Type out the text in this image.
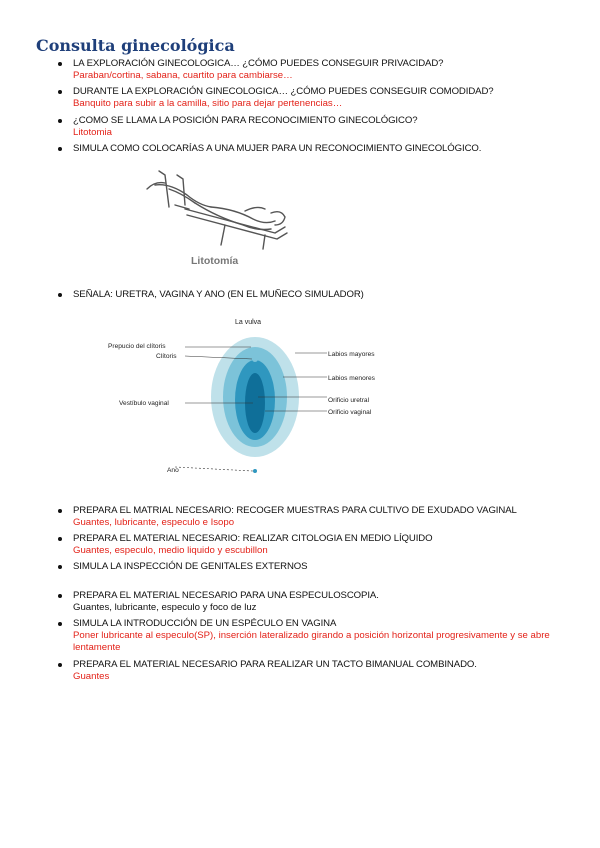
Consulta ginecológica
LA EXPLORACIÓN GINECOLOGICA… ¿CÓMO PUEDES CONSEGUIR PRIVACIDAD?
Paraban/cortina, sabana, cuartito para cambiarse…
DURANTE LA EXPLORACIÓN GINECOLOGICA… ¿CÓMO PUEDES CONSEGUIR COMODIDAD?
Banquito para subir a la camilla, sitio para dejar pertenencias…
¿COMO SE LLAMA LA POSICIÓN PARA RECONOCIMIENTO GINECOLÓGICO?
Litotomia
SIMULA COMO COLOCARÍAS A UNA MUJER PARA UN RECONOCIMIENTO GINECOLÓGICO.
Litotomía
SEÑALA: URETRA, VAGINA Y ANO (EN EL MUÑECO SIMULADOR)
La vulva
Prepucio del clítoris
Clítoris
Vestíbulo vaginal
Ano
Labios mayores
Labios menores
Orificio uretral
Orificio vaginal
PREPARA EL MATRIAL NECESARIO: RECOGER MUESTRAS PARA CULTIVO DE EXUDADO VAGINAL
Guantes, lubricante, especulo e Isopo
PREPARA EL MATERIAL NECESARIO: REALIZAR CITOLOGIA EN MEDIO LÍQUIDO
Guantes, especulo, medio liquido y escubillon
SIMULA LA INSPECCIÓN DE GENITALES EXTERNOS
PREPARA EL MATERIAL NECESARIO PARA UNA ESPECULOSCOPIA.
Guantes, lubricante, especulo y foco de luz
SIMULA LA INTRODUCCIÓN DE UN ESPÉCULO EN VAGINA
Poner lubricante al especulo(SP), inserción lateralizado girando a posición horizontal progresivamente y se abre lentamente
PREPARA EL MATERIAL NECESARIO PARA REALIZAR UN TACTO BIMANUAL COMBINADO.
Guantes
